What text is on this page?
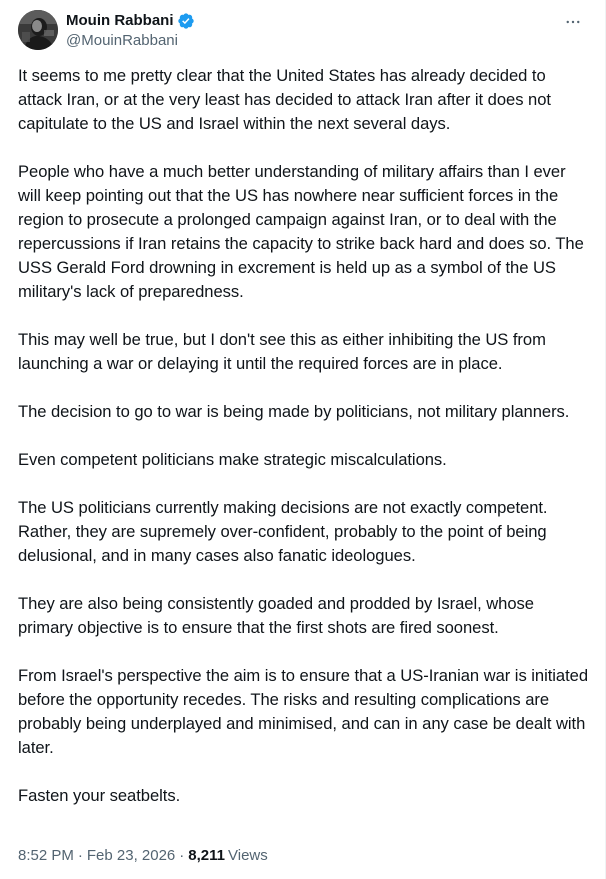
Mouin Rabbani
@MouinRabbani

It seems to me pretty clear that the United States has already decided to attack Iran, or at the very least has decided to attack Iran after it does not capitulate to the US and Israel within the next several days.

People who have a much better understanding of military affairs than I ever will keep pointing out that the US has nowhere near sufficient forces in the region to prosecute a prolonged campaign against Iran, or to deal with the repercussions if Iran retains the capacity to strike back hard and does so. The USS Gerald Ford drowning in excrement is held up as a symbol of the US military's lack of preparedness.

This may well be true, but I don't see this as either inhibiting the US from launching a war or delaying it until the required forces are in place.

The decision to go to war is being made by politicians, not military planners.

Even competent politicians make strategic miscalculations.

The US politicians currently making decisions are not exactly competent. Rather, they are supremely over-confident, probably to the point of being delusional, and in many cases also fanatic ideologues.

They are also being consistently goaded and prodded by Israel, whose primary objective is to ensure that the first shots are fired soonest.

From Israel's perspective the aim is to ensure that a US-Iranian war is initiated before the opportunity recedes. The risks and resulting complications are probably being underplayed and minimised, and can in any case be dealt with later.

Fasten your seatbelts.

8:52 PM · Feb 23, 2026 · 8,211 Views
